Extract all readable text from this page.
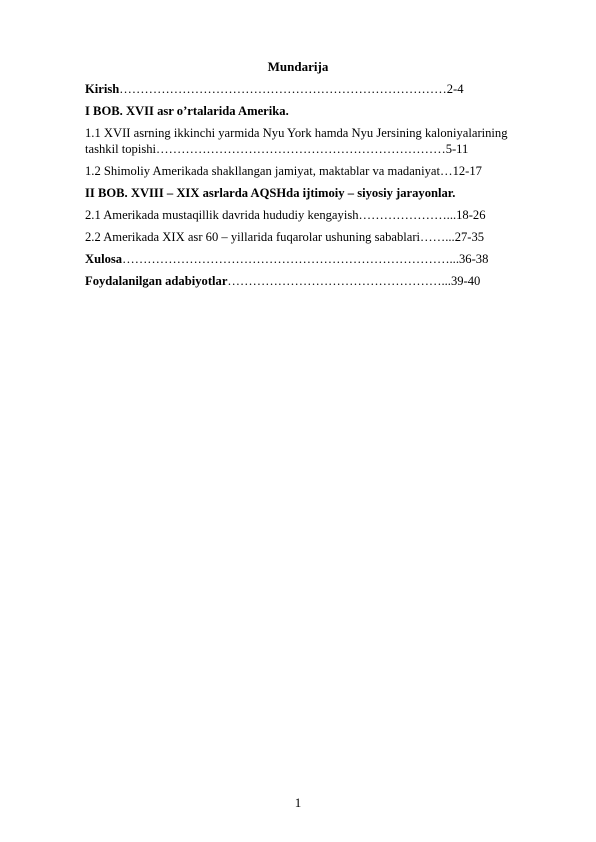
Mundarija
Kirish……………………………………………………………………2-4
I BOB. XVII asr o’rtalarida Amerika.
1.1 XVII asrning ikkinchi yarmida Nyu York hamda Nyu Jersining kaloniyalarining
tashkil topishi……………………………………………………………5-11
1.2 Shimoliy Amerikada shakllangan jamiyat, maktablar va madaniyat…12-17
II BOB. XVIII – XIX asrlarda AQSHda ijtimoiy – siyosiy jarayonlar.
2.1 Amerikada mustaqillik davrida hududiy kengayish…………………...18-26
2.2 Amerikada XIX asr 60 – yillarida fuqarolar ushuning sabablari……...27-35
Xulosa……………………………………………………………………...36-38
Foydalanilgan adabiyotlar……………………………………………...39-40
1
